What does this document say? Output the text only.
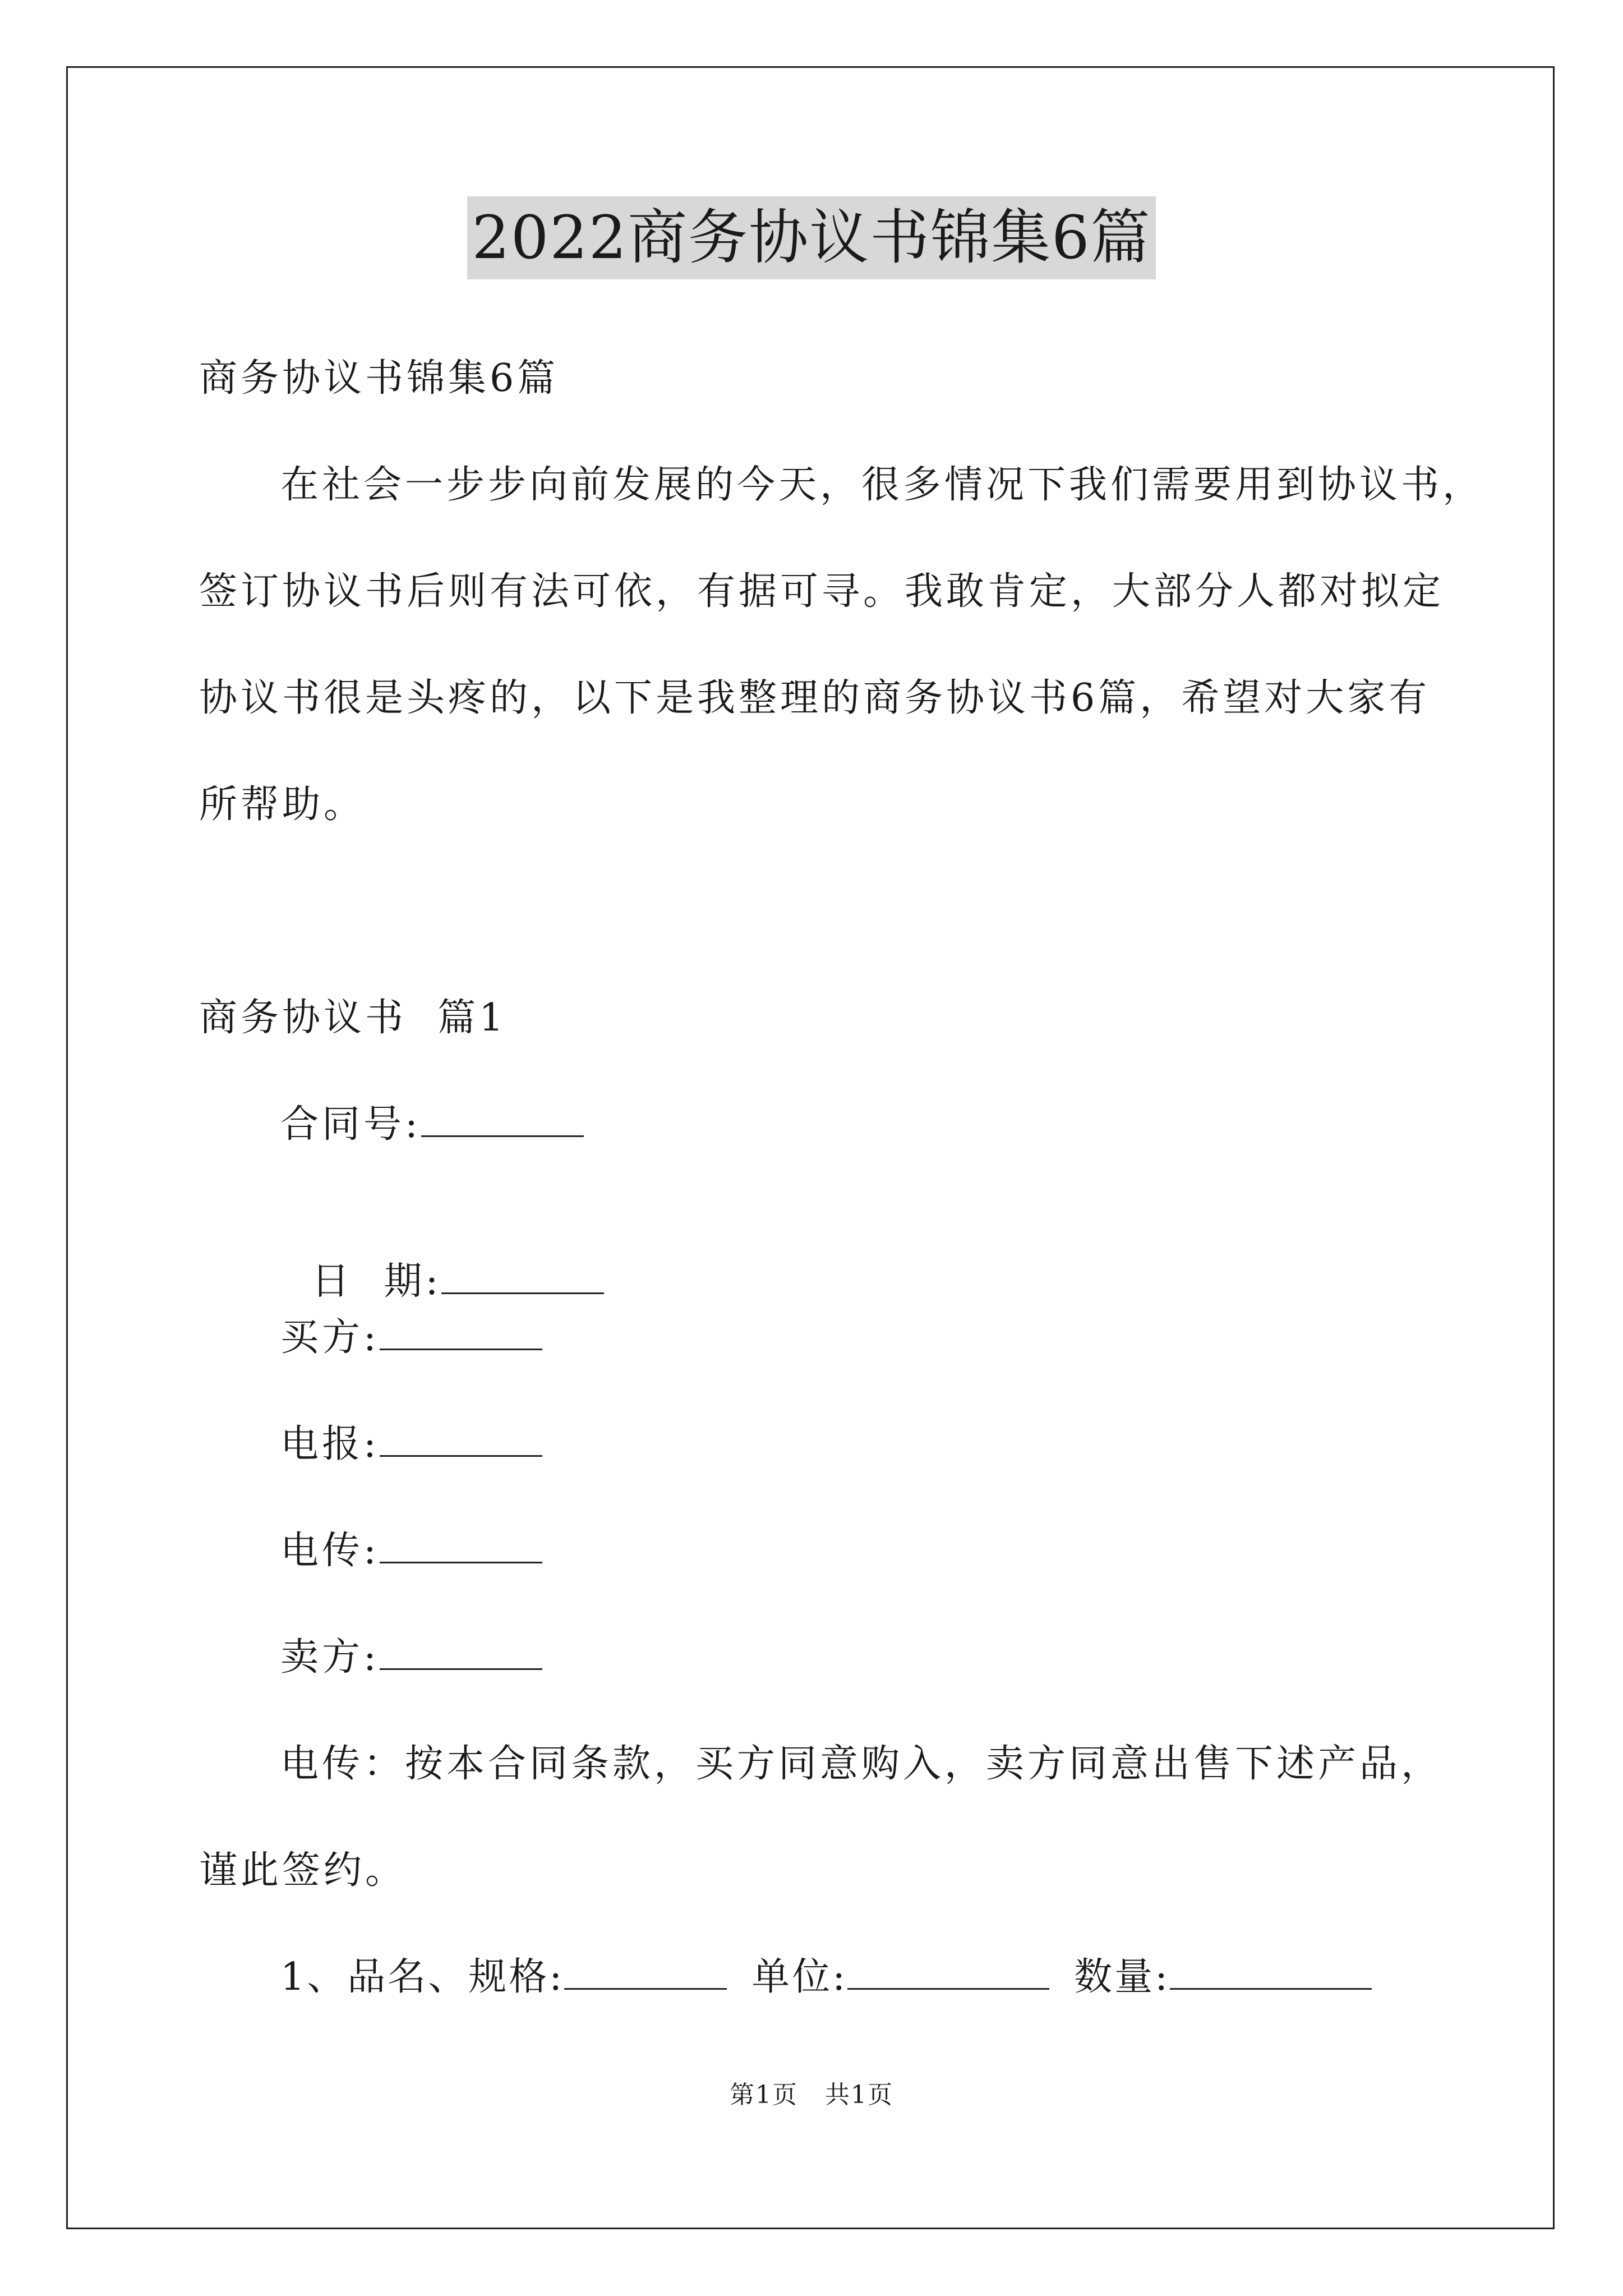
2022商务协议书锦集6篇
商务协议书锦集6篇
在社会一步步向前发展的今天，很多情况下我们需要用到协议书，
签订协议书后则有法可依，有据可寻。我敢肯定，大部分人都对拟定
协议书很是头疼的，以下是我整理的商务协议书6篇，希望对大家有
所帮助。
商务协议书  篇1
合同号:

日  期:

买方:
电报:
电传:
卖方:
电传：按本合同条款，买方同意购入，卖方同意出售下述产品，
谨此签约。
1、品名、规格:	单位:	数量:
第1页   共1页
